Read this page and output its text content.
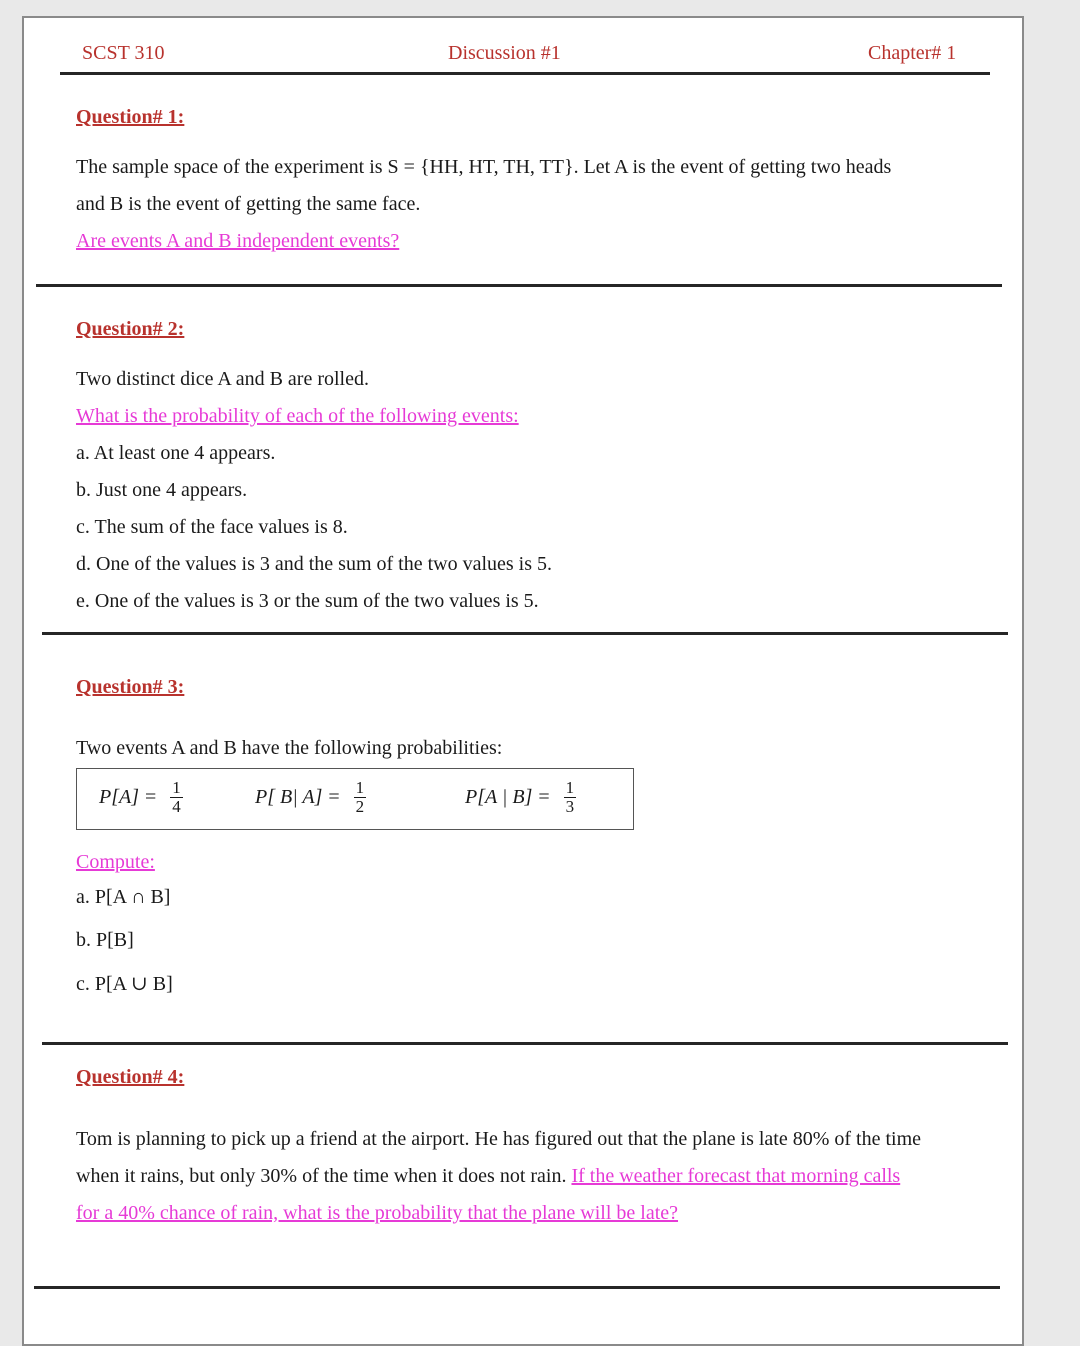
SCST 310	Discussion #1	Chapter# 1
Question# 1:
The sample space of the experiment is S = {HH, HT, TH, TT}. Let A is the event of getting two heads
and B is the event of getting the same face.
Are events A and B independent events?
Question# 2:
Two distinct dice A and B are rolled.
What is the probability of each of the following events:
a. At least one 4 appears.
b. Just one 4 appears.
c. The sum of the face values is 8.
d. One of the values is 3 and the sum of the two values is 5.
e. One of the values is 3 or the sum of the two values is 5.
Question# 3:
Two events A and B have the following probabilities:
$P[A] = \frac{1}{4}$	P[ B| $A] = \frac{1}{2}$	P[A | $B] = \frac{1}{3}$
Compute:
a. P[A ∩ B]
b. P[B]
c. P[A ∪ B]
Question# 4:
Tom is planning to pick up a friend at the airport. He has figured out that the plane is late 80% of the time
when it rains, but only 30% of the time when it does not rain. If the weather forecast that morning calls
for a 40% chance of rain, what is the probability that the plane will be late?
